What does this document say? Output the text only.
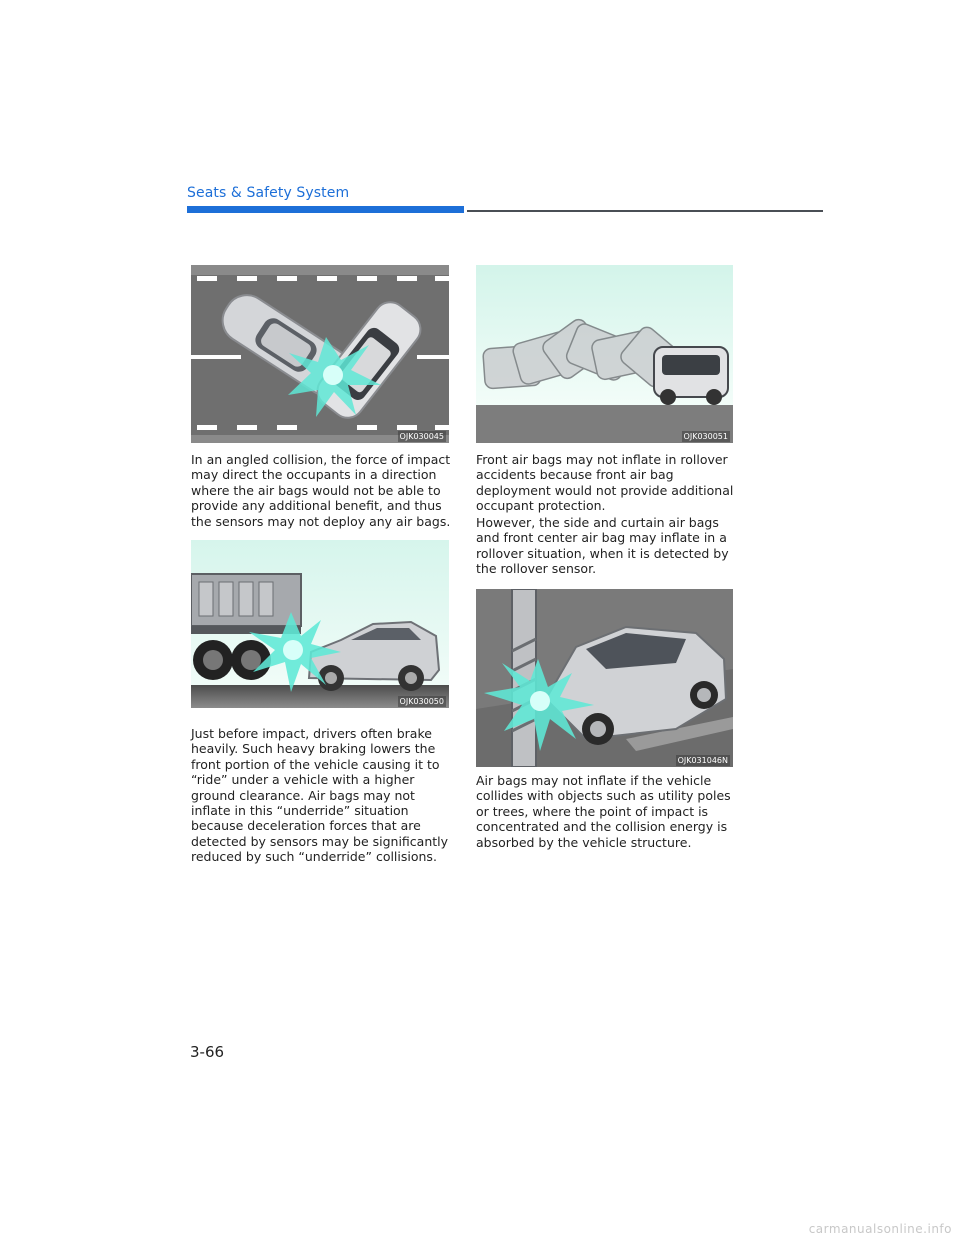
Seats & Safety System
OJK030045

In an angled collision, the force of impact may direct the occupants in a direction where the air bags would not be able to provide any additional benefit, and thus the sensors may not deploy any air bags.

OJK030050

Just before impact, drivers often brake heavily. Such heavy braking lowers the front portion of the vehicle causing it to “ride” under a vehicle with a higher ground clearance. Air bags may not inflate in this “underride” situation because deceleration forces that are detected by sensors may be significantly reduced by such “underride” collisions.

OJK030051

Front air bags may not inflate in rollover accidents because front air bag deployment would not provide additional occupant protection.

However, the side and curtain air bags and front center air bag may inflate in a rollover situation, when it is detected by the rollover sensor.

OJK031046N

Air bags may not inflate if the vehicle collides with objects such as utility poles or trees, where the point of impact is concentrated and the collision energy is absorbed by the vehicle structure.

3-66
carmanualsonline.info
